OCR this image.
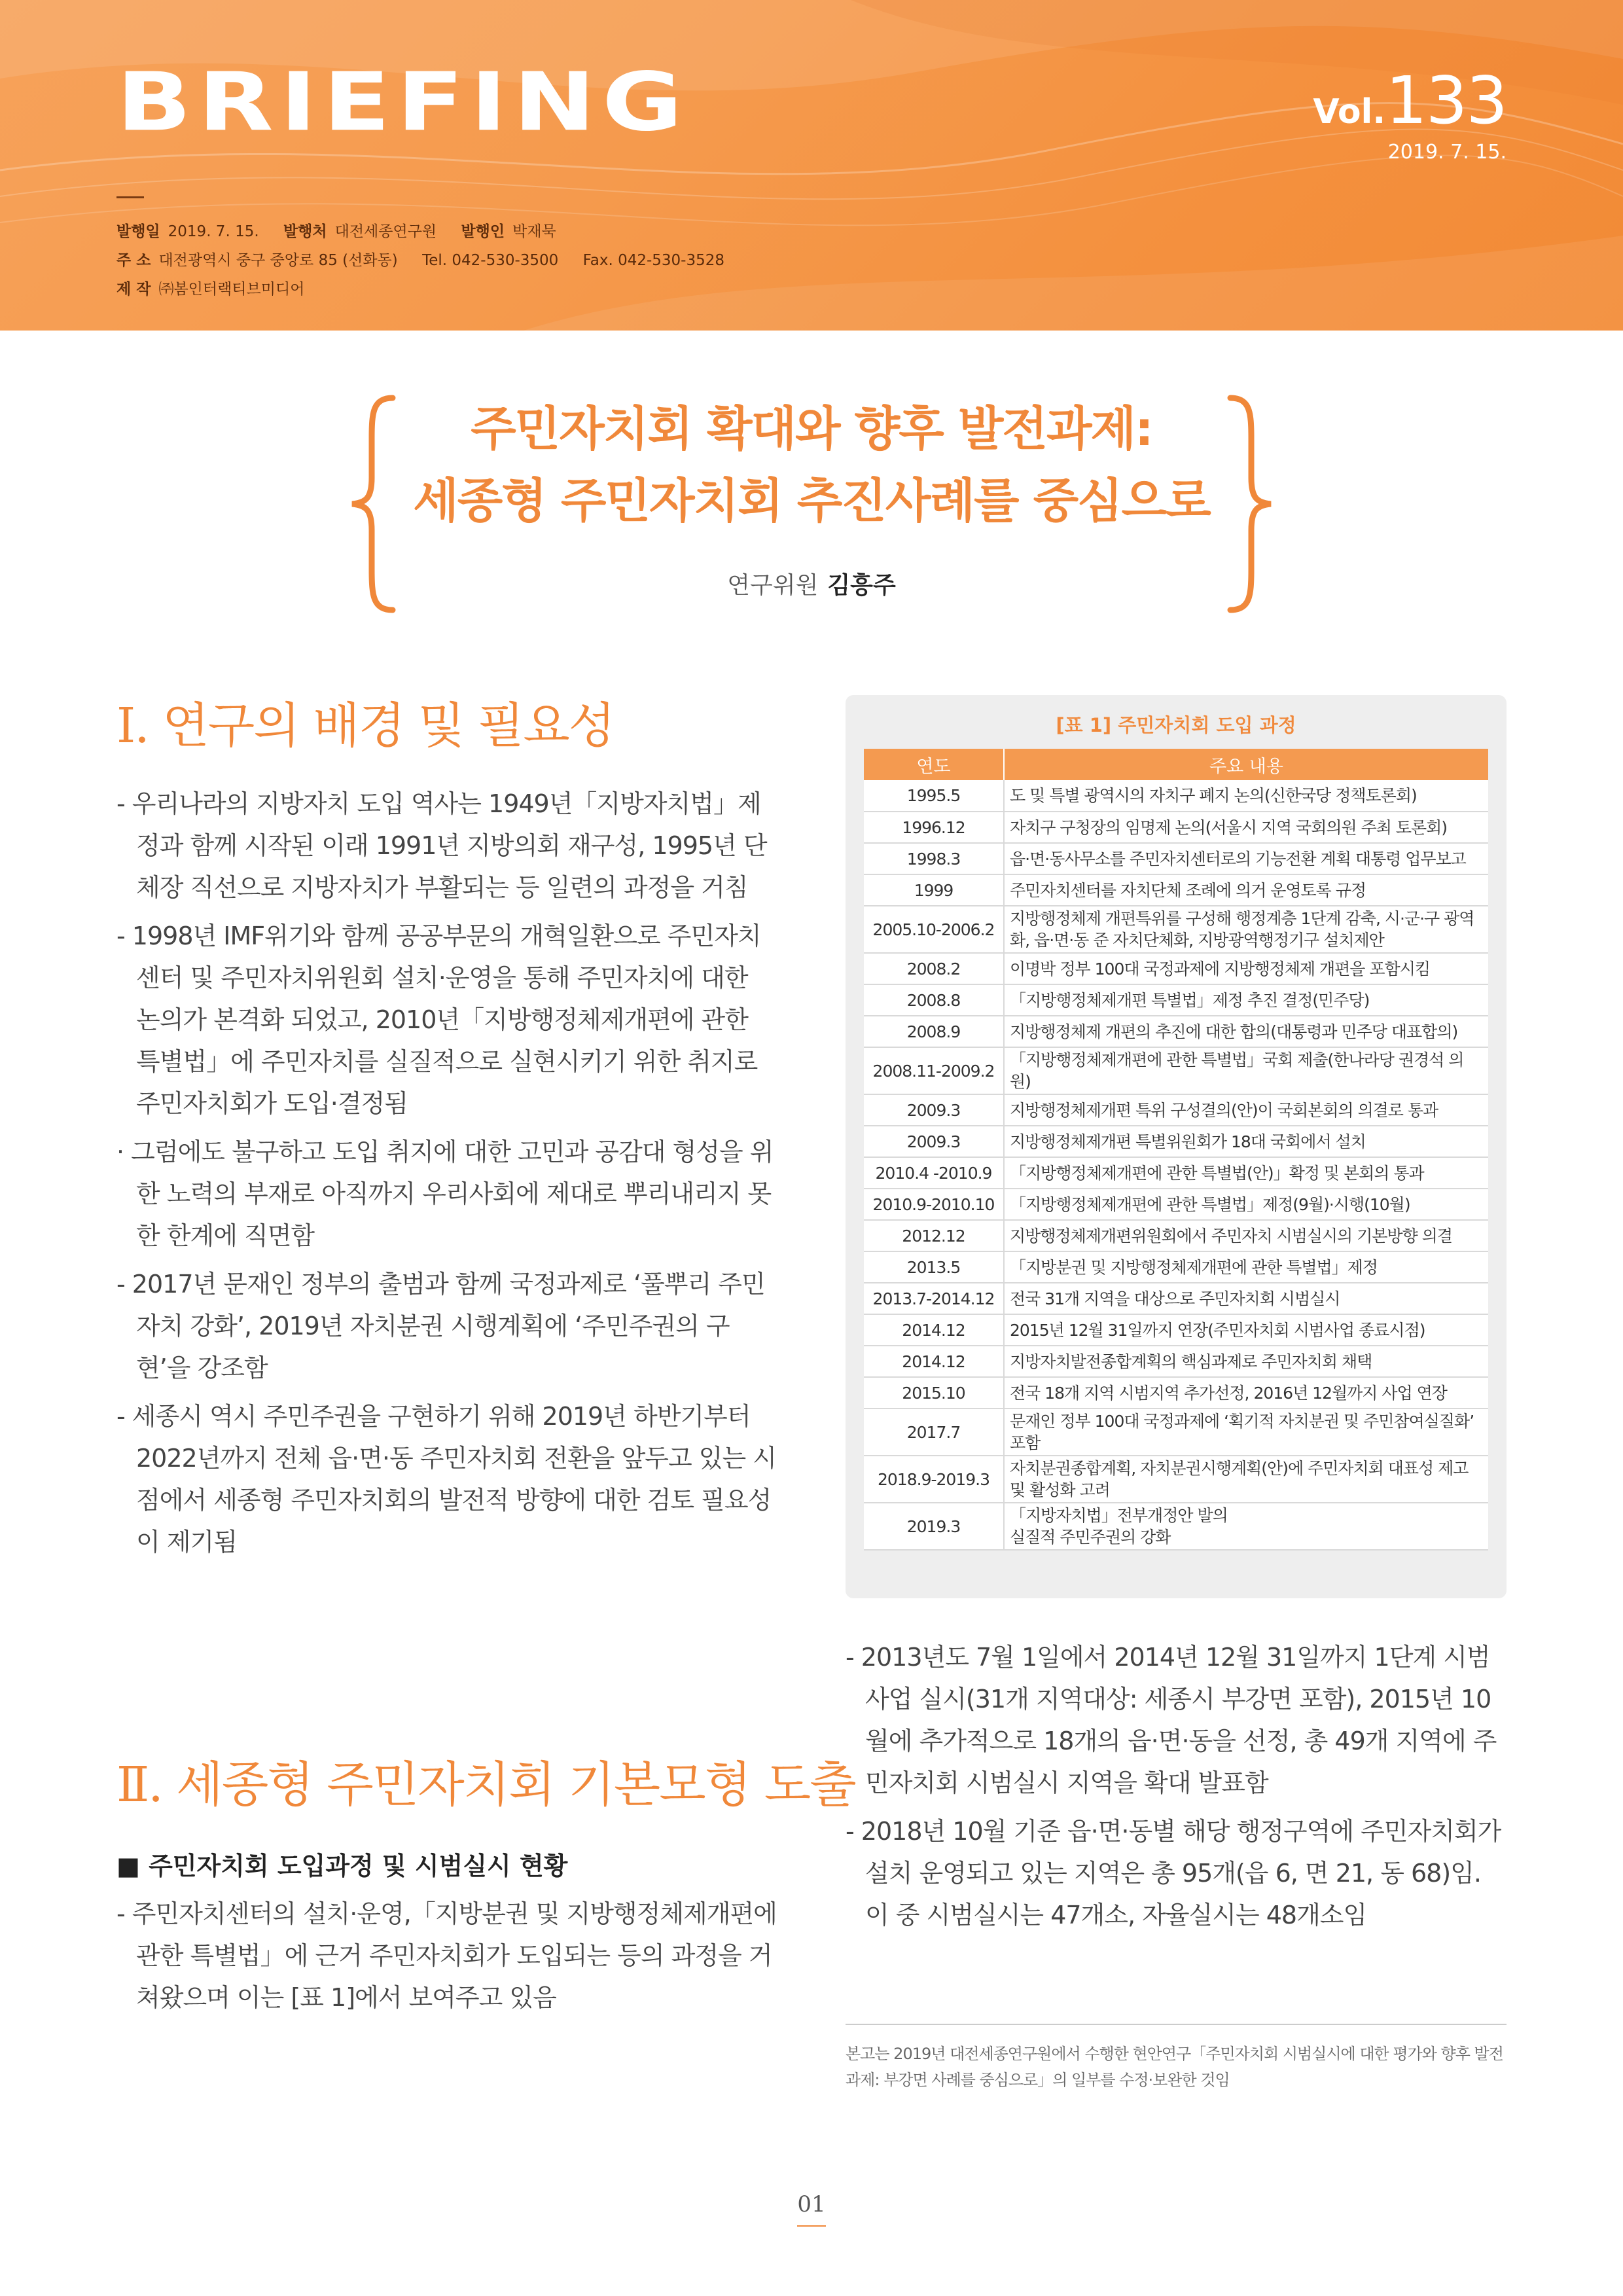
BRIEFING	Vol.133
2019. 7. 15.
발행일 2019. 7. 15. 발행처 대전세종연구원 발행인 박재묵
주 소 대전광역시 중구 중앙로 85 (선화동) Tel. 042-530-3500 Fax. 042-530-3528
제 작 ㈜봄인터랙티브미디어
주민자치회 확대와 향후 발전과제:
세종형 주민자치회 추진사례를 중심으로
연구위원 김흥주
Ⅰ. 연구의 배경 및 필요성
- 우리나라의 지방자치 도입 역사는 1949년「지방자치법」제정과 함께 시작된 이래 1991년 지방의회 재구성, 1995년 단체장 직선으로 지방자치가 부활되는 등 일련의 과정을 거침
- 1998년 IMF위기와 함께 공공부문의 개혁일환으로 주민자치센터 및 주민자치위원회 설치·운영을 통해 주민자치에 대한 논의가 본격화 되었고, 2010년「지방행정체제개편에 관한 특별법」에 주민자치를 실질적으로 실현시키기 위한 취지로 주민자치회가 도입·결정됨
· 그럼에도 불구하고 도입 취지에 대한 고민과 공감대 형성을 위한 노력의 부재로 아직까지 우리사회에 제대로 뿌리내리지 못한 한계에 직면함
- 2017년 문재인 정부의 출범과 함께 국정과제로 ‘풀뿌리 주민자치 강화’, 2019년 자치분권 시행계획에 ‘주민주권의 구현’을 강조함
- 세종시 역시 주민주권을 구현하기 위해 2019년 하반기부터 2022년까지 전체 읍·면·동 주민자치회 전환을 앞두고 있는 시점에서 세종형 주민자치회의 발전적 방향에 대한 검토 필요성이 제기됨
Ⅱ. 세종형 주민자치회 기본모형 도출
■ 주민자치회 도입과정 및 시범실시 현황
- 주민자치센터의 설치·운영,「지방분권 및 지방행정체제개편에 관한 특별법」에 근거 주민자치회가 도입되는 등의 과정을 거쳐왔으며 이는 [표 1]에서 보여주고 있음
[표 1] 주민자치회 도입 과정
연도	주요 내용
1995.5	도 및 특별 광역시의 자치구 폐지 논의(신한국당 정책토론회)
1996.12	자치구 구청장의 임명제 논의(서울시 지역 국회의원 주최 토론회)
1998.3	읍·면·동사무소를 주민자치센터로의 기능전환 계획 대통령 업무보고
1999	주민자치센터를 자치단체 조례에 의거 운영토록 규정
2005.10-2006.2	지방행정체제 개편특위를 구성해 행정계층 1단계 감축, 시·군·구 광역화, 읍·면·동 준 자치단체화, 지방광역행정기구 설치제안
2008.2	이명박 정부 100대 국정과제에 지방행정체제 개편을 포함시킴
2008.8	「지방행정체제개편 특별법」제정 추진 결정(민주당)
2008.9	지방행정체제 개편의 추진에 대한 합의(대통령과 민주당 대표합의)
2008.11-2009.2	「지방행정체제개편에 관한 특별법」국회 제출(한나라당 권경석 의원)
2009.3	지방행정체제개편 특위 구성결의(안)이 국회본회의 의결로 통과
2009.3	지방행정체제개편 특별위원회가 18대 국회에서 설치
2010.4 -2010.9	「지방행정체제개편에 관한 특별법(안)」확정 및 본회의 통과
2010.9-2010.10	「지방행정체제개편에 관한 특별법」제정(9월)·시행(10월)
2012.12	지방행정체제개편위원회에서 주민자치 시범실시의 기본방향 의결
2013.5	「지방분권 및 지방행정체제개편에 관한 특별법」제정
2013.7-2014.12	전국 31개 지역을 대상으로 주민자치회 시범실시
2014.12	2015년 12월 31일까지 연장(주민자치회 시범사업 종료시점)
2014.12	지방자치발전종합계획의 핵심과제로 주민자치회 채택
2015.10	전국 18개 지역 시범지역 추가선정, 2016년 12월까지 사업 연장
2017.7	문재인 정부 100대 국정과제에 ‘획기적 자치분권 및 주민참여실질화’ 포함
2018.9-2019.3	자치분권종합계획, 자치분권시행계획(안)에 주민자치회 대표성 제고 및 활성화 고려
2019.3	「지방자치법」전부개정안 발의
실질적 주민주권의 강화
- 2013년도 7월 1일에서 2014년 12월 31일까지 1단계 시범사업 실시(31개 지역대상: 세종시 부강면 포함), 2015년 10월에 추가적으로 18개의 읍·면·동을 선정, 총 49개 지역에 주민자치회 시범실시 지역을 확대 발표함
- 2018년 10월 기준 읍·면·동별 해당 행정구역에 주민자치회가 설치 운영되고 있는 지역은 총 95개(읍 6, 면 21, 동 68)임. 이 중 시범실시는 47개소, 자율실시는 48개소임
본고는 2019년 대전세종연구원에서 수행한 현안연구「주민자치회 시범실시에 대한 평가와 향후 발전과제: 부강면 사례를 중심으로」의 일부를 수정·보완한 것임
01
